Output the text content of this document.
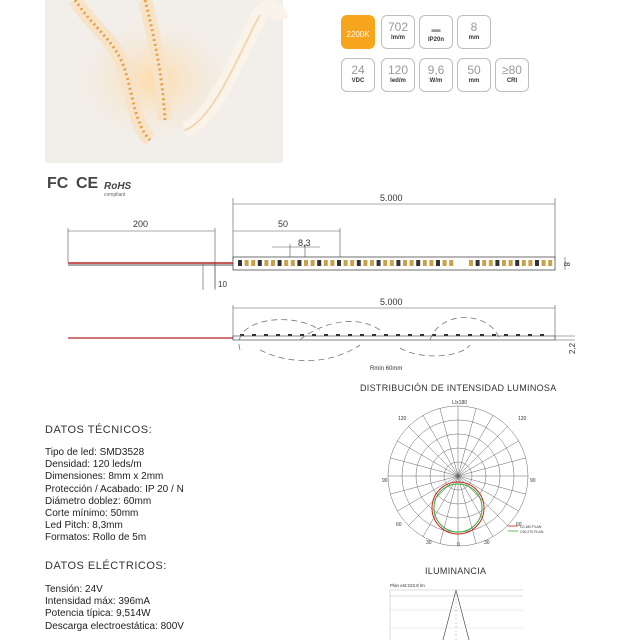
2200K
702
lm/m
▬
IP20n
8
mm
24
VDC
120
led/m
9,6
W/m
50
mm
≥80
CRI
FC CE RoHS
compliant	5.000
200	50
8,3
10
8
5.000
2,2
Rmin 60mm
DISTRIBUCIÓN DE INTENSIDAD LUMINOSA
L/x180
120	120
90	90
60	60
30	30
0
C0,180 PLAN
C90,270 PLAN
ILUMINANCIA
Plan est:223.8 lm
DATOS TÉCNICOS:
Tipo de led: SMD3528
Densidad: 120 leds/m
Dimensiones: 8mm x 2mm
Protección / Acabado: IP 20 / N
Diámetro doblez: 60mm
Corte mínimo: 50mm
Led Pitch: 8,3mm
Formatos: Rollo de 5m
DATOS ELÉCTRICOS:
Tensión: 24V
Intensidad máx: 396mA
Potencia típica: 9,514W
Descarga electroestática: 800V
